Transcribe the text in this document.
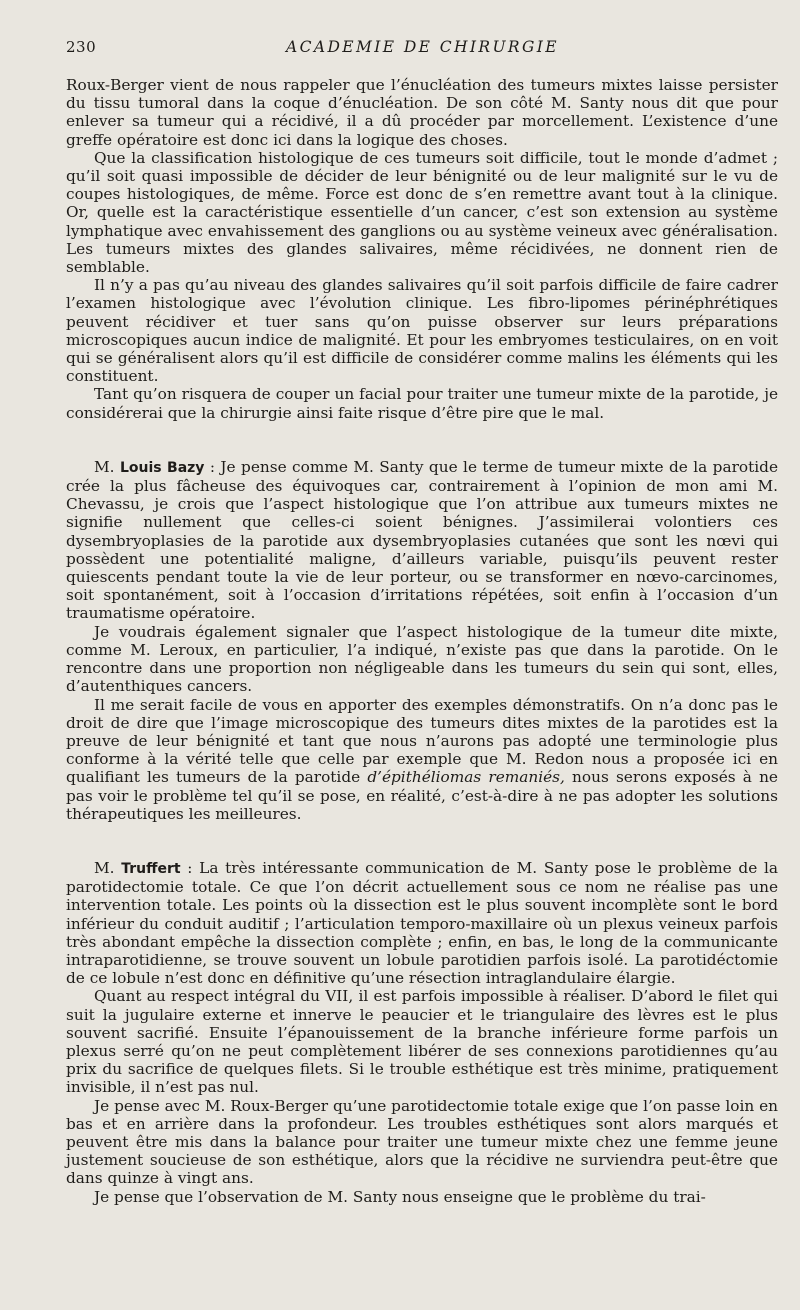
230	ACADEMIE DE CHIRURGIE

Roux-Berger vient de nous rappeler que l’énucléation des tumeurs mixtes laisse persister du tissu tumoral dans la coque d’énucléation. De son côté M. Santy nous dit que pour enlever sa tumeur qui a récidivé, il a dû procéder par morcellement. L’existence d’une greffe opératoire est donc ici dans la logique des choses.

Que la classification histologique de ces tumeurs soit difficile, tout le monde d’admet ; qu’il soit quasi impossible de décider de leur bénignité ou de leur malignité sur le vu de coupes histologiques, de même. Force est donc de s’en remettre avant tout à la clinique. Or, quelle est la caractéristique essentielle d’un cancer, c’est son extension au système lymphatique avec envahissement des ganglions ou au système veineux avec généralisation. Les tumeurs mixtes des glandes salivaires, même récidivées, ne donnent rien de semblable.

Il n’y a pas qu’au niveau des glandes salivaires qu’il soit parfois difficile de faire cadrer l’examen histologique avec l’évolution clinique. Les fibro-lipomes périnéphrétiques peuvent récidiver et tuer sans qu’on puisse observer sur leurs préparations microscopiques aucun indice de malignité. Et pour les embryomes testiculaires, on en voit qui se généralisent alors qu’il est difficile de considérer comme malins les éléments qui les constituent.

Tant qu’on risquera de couper un facial pour traiter une tumeur mixte de la parotide, je considérerai que la chirurgie ainsi faite risque d’être pire que le mal.

M. Louis Bazy : Je pense comme M. Santy que le terme de tumeur mixte de la parotide crée la plus fâcheuse des équivoques car, contrairement à l’opinion de mon ami M. Chevassu, je crois que l’aspect histologique que l’on attribue aux tumeurs mixtes ne signifie nullement que celles-ci soient bénignes. J’assimilerai volontiers ces dysembryoplasies de la parotide aux dysembryoplasies cutanées que sont les nœvi qui possèdent une potentialité maligne, d’ailleurs variable, puisqu’ils peuvent rester quiescents pendant toute la vie de leur porteur, ou se transformer en nœvo-carcinomes, soit spontanément, soit à l’occasion d’irritations répétées, soit enfin à l’occasion d’un traumatisme opératoire.

Je voudrais également signaler que l’aspect histologique de la tumeur dite mixte, comme M. Leroux, en particulier, l’a indiqué, n’existe pas que dans la parotide. On le rencontre dans une proportion non négligeable dans les tumeurs du sein qui sont, elles, d’autenthiques cancers.

Il me serait facile de vous en apporter des exemples démonstratifs. On n’a donc pas le droit de dire que l’image microscopique des tumeurs dites mixtes de la parotides est la preuve de leur bénignité et tant que nous n’aurons pas adopté une terminologie plus conforme à la vérité telle que celle par exemple que M. Redon nous a proposée ici en qualifiant les tumeurs de la parotide d’épithéliomas remaniés, nous serons exposés à ne pas voir le problème tel qu’il se pose, en réalité, c’est-à-dire à ne pas adopter les solutions thérapeutiques les meilleures.

M. Truffert : La très intéressante communication de M. Santy pose le problème de la parotidectomie totale. Ce que l’on décrit actuellement sous ce nom ne réalise pas une intervention totale. Les points où la dissection est le plus souvent incomplète sont le bord inférieur du conduit auditif ; l’articulation temporo-maxillaire où un plexus veineux parfois très abondant empêche la dissection complète ; enfin, en bas, le long de la communicante intraparotidienne, se trouve souvent un lobule parotidien parfois isolé. La parotidéctomie de ce lobule n’est donc en définitive qu’une résection intraglandulaire élargie.

Quant au respect intégral du VII, il est parfois impossible à réaliser. D’abord le filet qui suit la jugulaire externe et innerve le peaucier et le triangulaire des lèvres est le plus souvent sacrifié. Ensuite l’épanouissement de la branche inférieure forme parfois un plexus serré qu’on ne peut complètement libérer de ses connexions parotidiennes qu’au prix du sacrifice de quelques filets. Si le trouble esthétique est très minime, pratiquement invisible, il n’est pas nul.

Je pense avec M. Roux-Berger qu’une parotidectomie totale exige que l’on passe loin en bas et en arrière dans la profondeur. Les troubles esthétiques sont alors marqués et peuvent être mis dans la balance pour traiter une tumeur mixte chez une femme jeune justement soucieuse de son esthétique, alors que la récidive ne surviendra peut-être que dans quinze à vingt ans.

Je pense que l’observation de M. Santy nous enseigne que le problème du trai-
